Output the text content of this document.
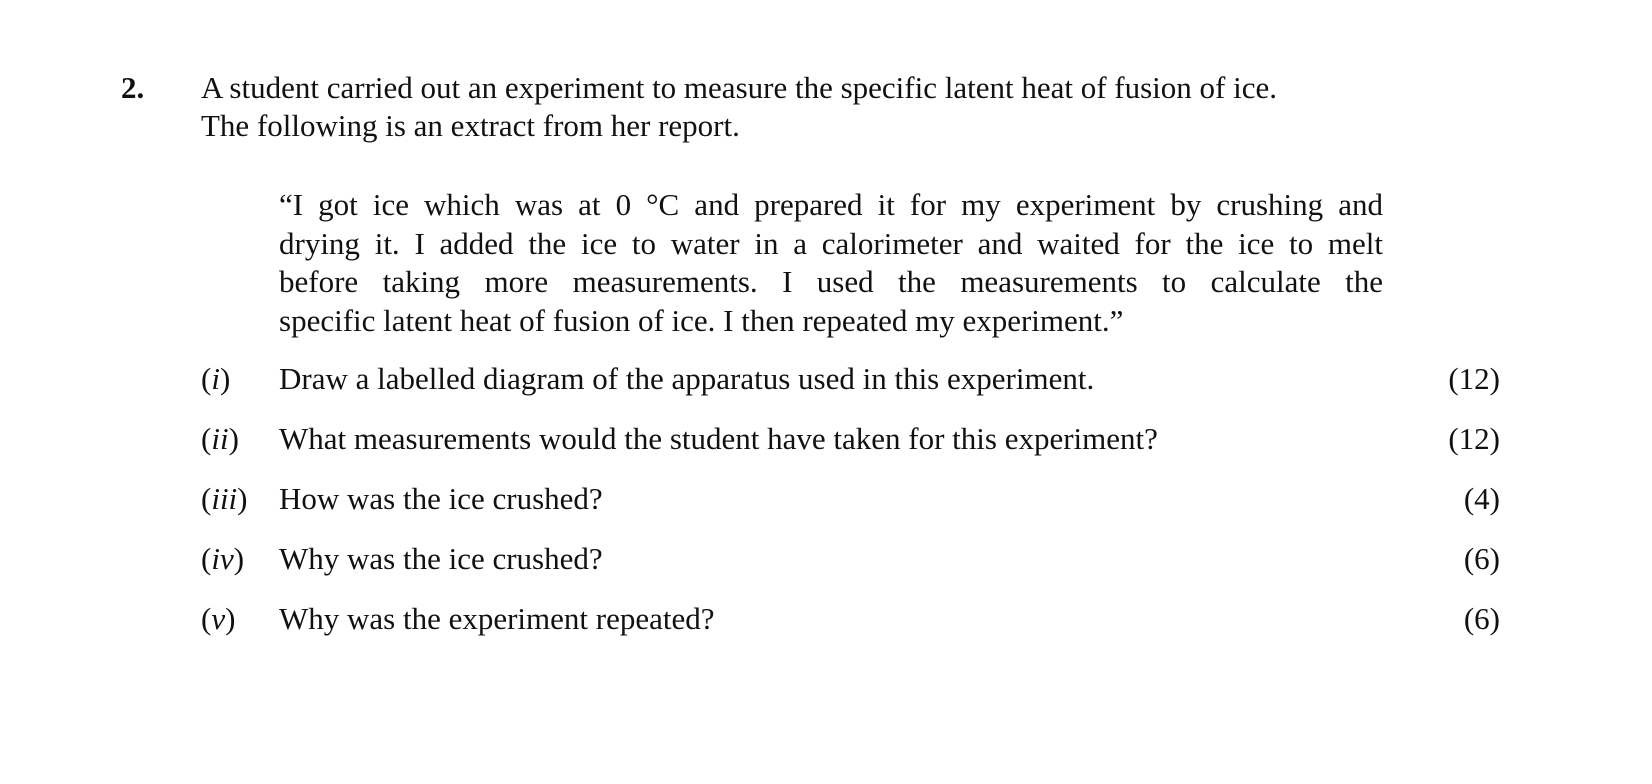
2. A student carried out an experiment to measure the specific latent heat of fusion of ice.
The following is an extract from her report.
“I got ice which was at 0 °C and prepared it for my experiment by crushing and
drying it. I added the ice to water in a calorimeter and waited for the ice to melt
before taking more measurements. I used the measurements to calculate the
specific latent heat of fusion of ice. I then repeated my experiment.”
(i) Draw a labelled diagram of the apparatus used in this experiment.	(12)
(ii) What measurements would the student have taken for this experiment?	(12)
(iii) How was the ice crushed?	(4)
(iv) Why was the ice crushed?	(6)
(v) Why was the experiment repeated?	(6)
